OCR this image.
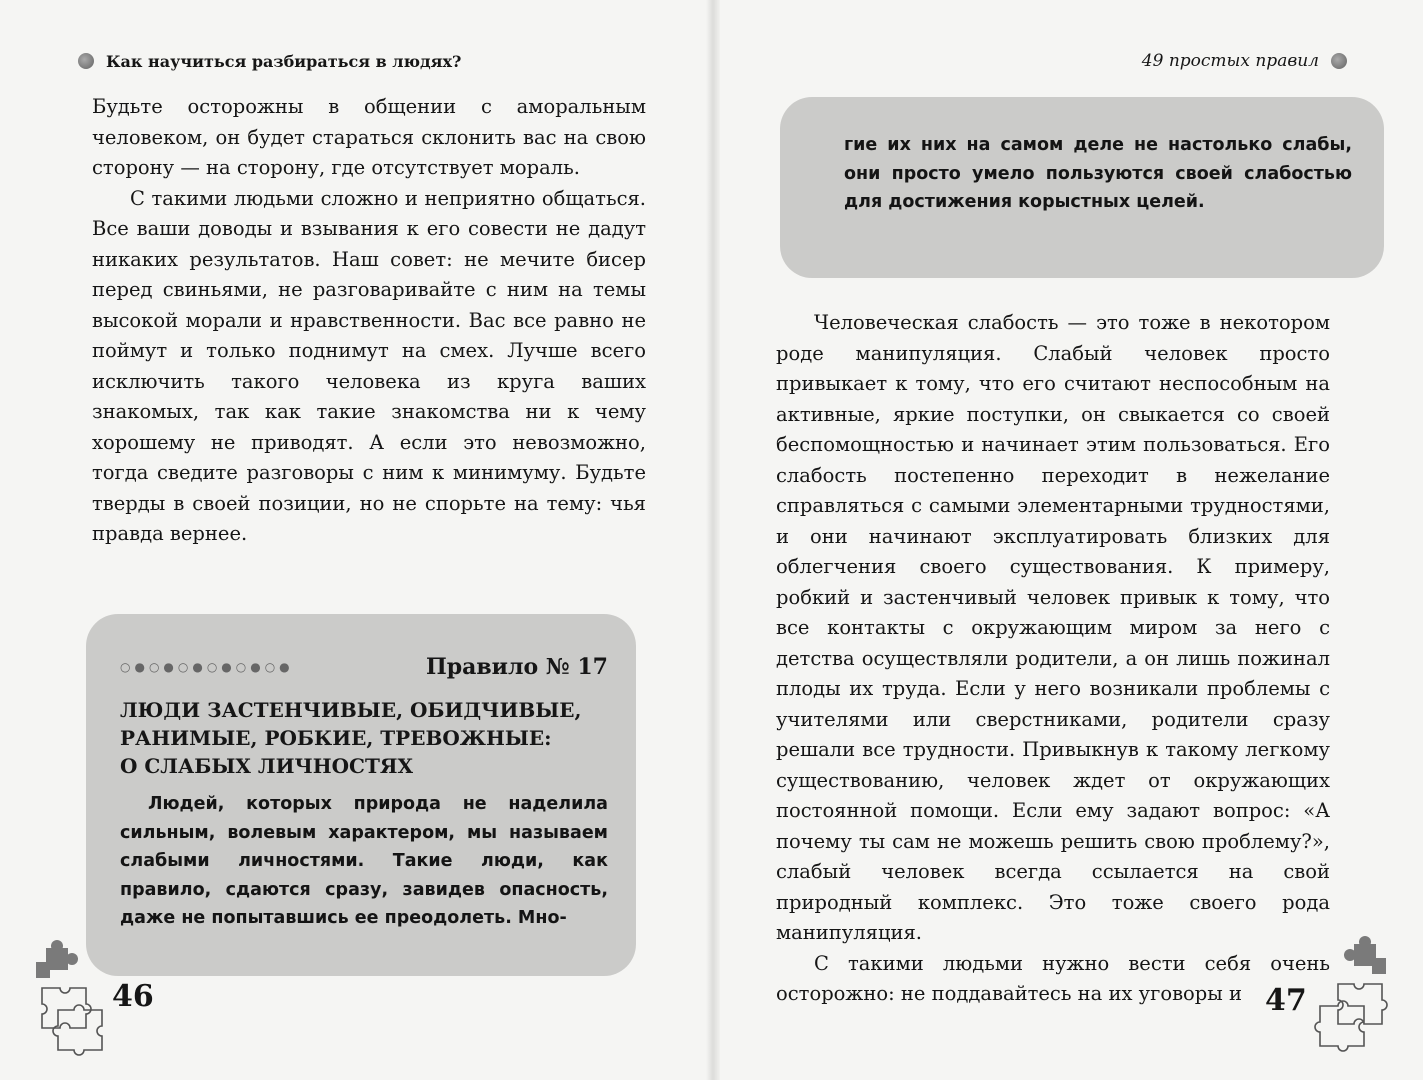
Как научиться разбираться в людях?

Будьте осторожны в общении с аморальным человеком, он будет стараться склонить вас на свою сторону — на сторону, где отсутствует мораль.

С такими людьми сложно и неприятно общаться. Все ваши доводы и взывания к его совести не дадут никаких результатов. Наш совет: не мечите бисер перед свиньями, не разговаривайте с ним на темы высокой морали и нравственности. Вас все равно не поймут и только поднимут на смех. Лучше всего исключить такого человека из круга ваших знакомых, так как такие знакомства ни к чему хорошему не приводят. А если это невозможно, тогда сведите разговоры с ним к минимуму. Будьте тверды в своей позиции, но не спорьте на тему: чья правда вернее.

○●○●○●○●○●○●	Правило № 17
ЛЮДИ ЗАСТЕНЧИВЫЕ, ОБИДЧИВЫЕ,
РАНИМЫЕ, РОБКИЕ, ТРЕВОЖНЫЕ:
О СЛАБЫХ ЛИЧНОСТЯХ

Людей, которых природа не наделила сильным, волевым характером, мы называем слабыми личностями. Такие люди, как правило, сдаются сразу, завидев опасность, даже не попытавшись ее преодолеть. Мно-

46
49 простых правил

гие их них на самом деле не настолько слабы, они просто умело пользуются своей слабостью для достижения корыстных целей.

Человеческая слабость — это тоже в некотором роде манипуляция. Слабый человек просто привыкает к тому, что его считают неспособным на активные, яркие поступки, он свыкается со своей беспомощностью и начинает этим пользоваться. Его слабость постепенно переходит в нежелание справляться с самыми элементарными трудностями, и они начинают эксплуатировать близких для облегчения своего существования. К примеру, робкий и застенчивый человек привык к тому, что все контакты с окружающим миром за него с детства осуществляли родители, а он лишь пожинал плоды их труда. Если у него возникали проблемы с учителями или сверстниками, родители сразу решали все трудности. Привыкнув к такому легкому существованию, человек ждет от окружающих постоянной помощи. Если ему задают вопрос: «А почему ты сам не можешь решить свою проблему?», слабый человек всегда ссылается на свой природный комплекс. Это тоже своего рода манипуляция.

С такими людьми нужно вести себя очень осторожно: не поддавайтесь на их уговоры и 47
